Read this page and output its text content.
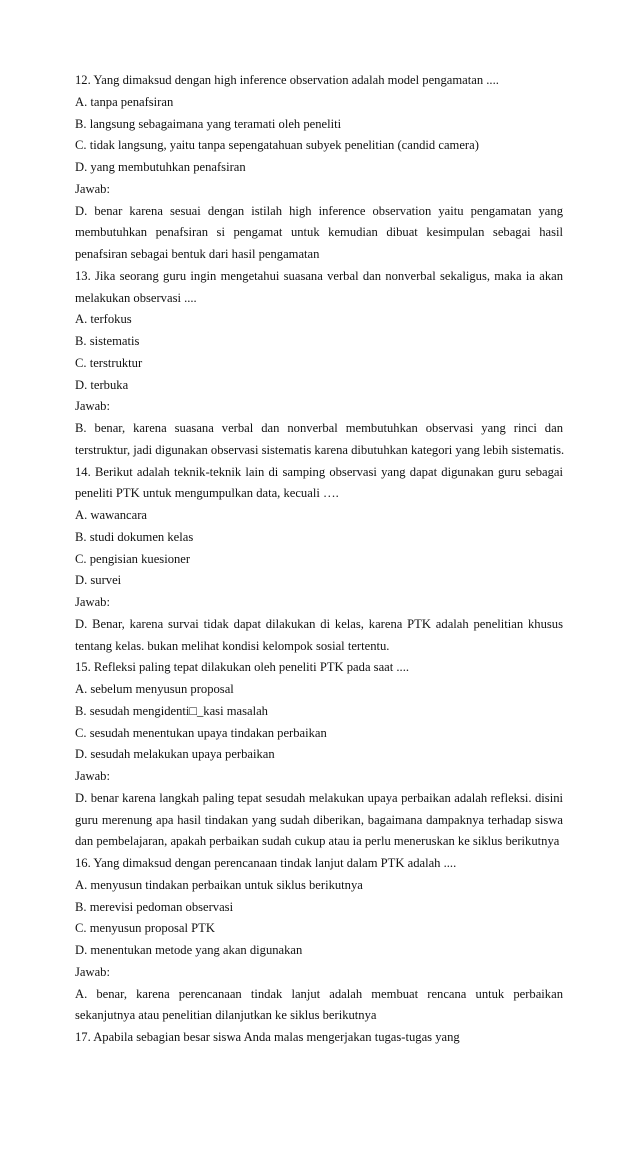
12. Yang dimaksud dengan high inference observation adalah model pengamatan ....
A. tanpa penafsiran
B. langsung sebagaimana yang teramati oleh peneliti
C. tidak langsung, yaitu tanpa sepengatahuan subyek penelitian (candid camera)
D. yang membutuhkan penafsiran
Jawab:
D. benar karena sesuai dengan istilah high inference observation yaitu pengamatan yang
membutuhkan penafsiran si pengamat untuk kemudian dibuat kesimpulan sebagai hasil
penafsiran sebagai bentuk dari hasil pengamatan
13. Jika seorang guru ingin mengetahui suasana verbal dan nonverbal sekaligus, maka ia akan
melakukan observasi ....
A. terfokus
B. sistematis
C. terstruktur
D. terbuka
Jawab:
B. benar, karena suasana verbal dan nonverbal membutuhkan observasi yang rinci dan
terstruktur, jadi digunakan observasi sistematis karena dibutuhkan kategori yang lebih sistematis.
14. Berikut adalah teknik-teknik lain di samping observasi yang dapat digunakan guru sebagai
peneliti PTK untuk mengumpulkan data, kecuali ….
A. wawancara
B. studi dokumen kelas
C. pengisian kuesioner
D. survei
Jawab:
D. Benar, karena survai tidak dapat dilakukan di kelas, karena PTK adalah penelitian khusus
tentang kelas. bukan melihat kondisi kelompok sosial tertentu.
15. Refleksi paling tepat dilakukan oleh peneliti PTK pada saat ....
A. sebelum menyusun proposal
B. sesudah mengidenti□_kasi masalah
C. sesudah menentukan upaya tindakan perbaikan
D. sesudah melakukan upaya perbaikan
Jawab:
D. benar karena langkah paling tepat sesudah melakukan upaya perbaikan adalah refleksi. disini
guru merenung apa hasil tindakan yang sudah diberikan, bagaimana dampaknya terhadap siswa
dan pembelajaran, apakah perbaikan sudah cukup atau ia perlu meneruskan ke siklus berikutnya
16. Yang dimaksud dengan perencanaan tindak lanjut dalam PTK adalah ....
A. menyusun tindakan perbaikan untuk siklus berikutnya
B. merevisi pedoman observasi
C. menyusun proposal PTK
D. menentukan metode yang akan digunakan
Jawab:
A. benar, karena perencanaan tindak lanjut adalah membuat rencana untuk perbaikan
sekanjutnya atau penelitian dilanjutkan ke siklus berikutnya
17. Apabila sebagian besar siswa Anda malas mengerjakan tugas-tugas yang
